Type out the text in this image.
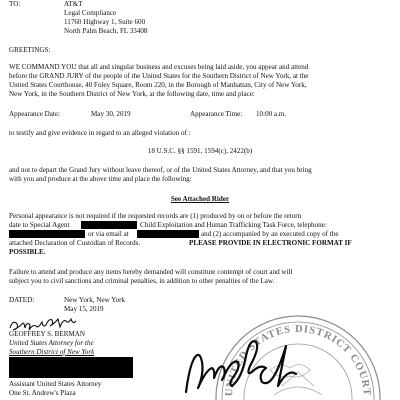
TO:	AT&T
Legal Compliance
11760 Highway 1, Suite 600
North Palm Beach, FL 33408
GREETINGS:
WE COMMAND YOU that all and singular business and excuses being laid aside, you appear and attend
before the GRAND JURY of the people of the United States for the Southern District of New York, at the
United States Courthouse, 40 Foley Square, Room 220, in the Borough of Manhattan, City of New York,
New York, in the Southern District of New York, at the following date, time and place:
Appearance Date:	May 30, 2019	Appearance Time: 10:00 a.m.
to testify and give evidence in regard to an alleged violation of :
18 U.S.C. §§ 1591, 1594(c), 2422(b)
and not to depart the Grand Jury without leave thereof, or of the United States Attorney, and that you bring
with you and produce at the above time and place the following:
See Attached Rider
Personal appearance is not required if the requested records are (1) produced by on or before the return
date to Special Agent	Child Exploitation and Human Trafficking Task Force, telephone:
or via email at	and (2) accompanied by an executed copy of the
attached Declaration of Custodian of Records.	PLEASE PROVIDE IN ELECTRONIC FORMAT IF
POSSIBLE.
Failure to attend and produce any items hereby demanded will constitute contempt of court and will
subject you to civil sanctions and criminal penalties, in addition to other penalties of the Law.
DATED:	New York, New York
May 15, 2019
UNITED STATES DISTRICT COURT
GEOFFREY S. BERMAN
United States Attorney for the
Southern District of New York
Assistant United States Attorney
One St. Andrew's Plaza
